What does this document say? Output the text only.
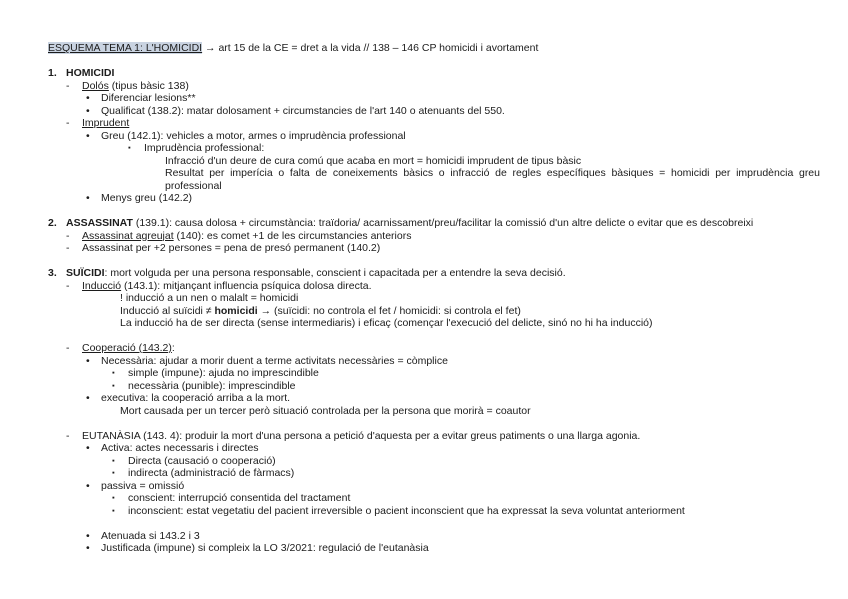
ESQUEMA TEMA 1: L'HOMICIDI → art 15 de la CE = dret a la vida // 138 – 146 CP homicidi i avortament

1. HOMICIDI
- Dolós (tipus bàsic 138)
• Diferenciar lesions**
• Qualificat (138.2): matar dolosament + circumstancies de l'art 140 o atenuants del 550.
- Imprudent
• Greu (142.1): vehicles a motor, armes o imprudència professional
▪ Imprudència professional:
Infracció d'un deure de cura comú que acaba en mort = homicidi imprudent de tipus bàsic
Resultat per imperícia o falta de coneixements bàsics o infracció de regles específiques bàsiques = homicidi per imprudència greu professional
• Menys greu (142.2)

2. ASSASSINAT (139.1): causa dolosa + circumstància: traïdoria/ acarnissament/preu/facilitar la comissió d'un altre delicte o evitar que es descobreixi
- Assassinat agreujat (140): es comet +1 de les circumstancies anteriors
- Assassinat per +2 persones = pena de presó permanent (140.2)

3. SUÏCIDI: mort volguda per una persona responsable, conscient i capacitada per a entendre la seva decisió.
- Inducció (143.1): mitjançant influencia psíquica dolosa directa.
! inducció a un nen o malalt = homicidi
Inducció al suïcidi ≠ homicidi → (suïcidi: no controla el fet / homicidi: si controla el fet)
La inducció ha de ser directa (sense intermediaris) i eficaç (començar l'execució del delicte, sinó no hi ha inducció)

- Cooperació (143.2):
• Necessària: ajudar a morir duent a terme activitats necessàries = còmplice
▪ simple (impune): ajuda no imprescindible
▪ necessària (punible): imprescindible
• executiva: la cooperació arriba a la mort.
Mort causada per un tercer però situació controlada per la persona que morirà = coautor

- EUTANÀSIA (143. 4): produir la mort d'una persona a petició d'aquesta per a evitar greus patiments o una llarga agonia.
• Activa: actes necessaris i directes
▪ Directa (causació o cooperació)
▪ indirecta (administració de fàrmacs)
• passiva = omissió
▪ conscient: interrupció consentida del tractament
▪ inconscient: estat vegetatiu del pacient irreversible o pacient inconscient que ha expressat la seva voluntat anteriorment

• Atenuada si 143.2 i 3
• Justificada (impune) si compleix la LO 3/2021: regulació de l'eutanàsia
